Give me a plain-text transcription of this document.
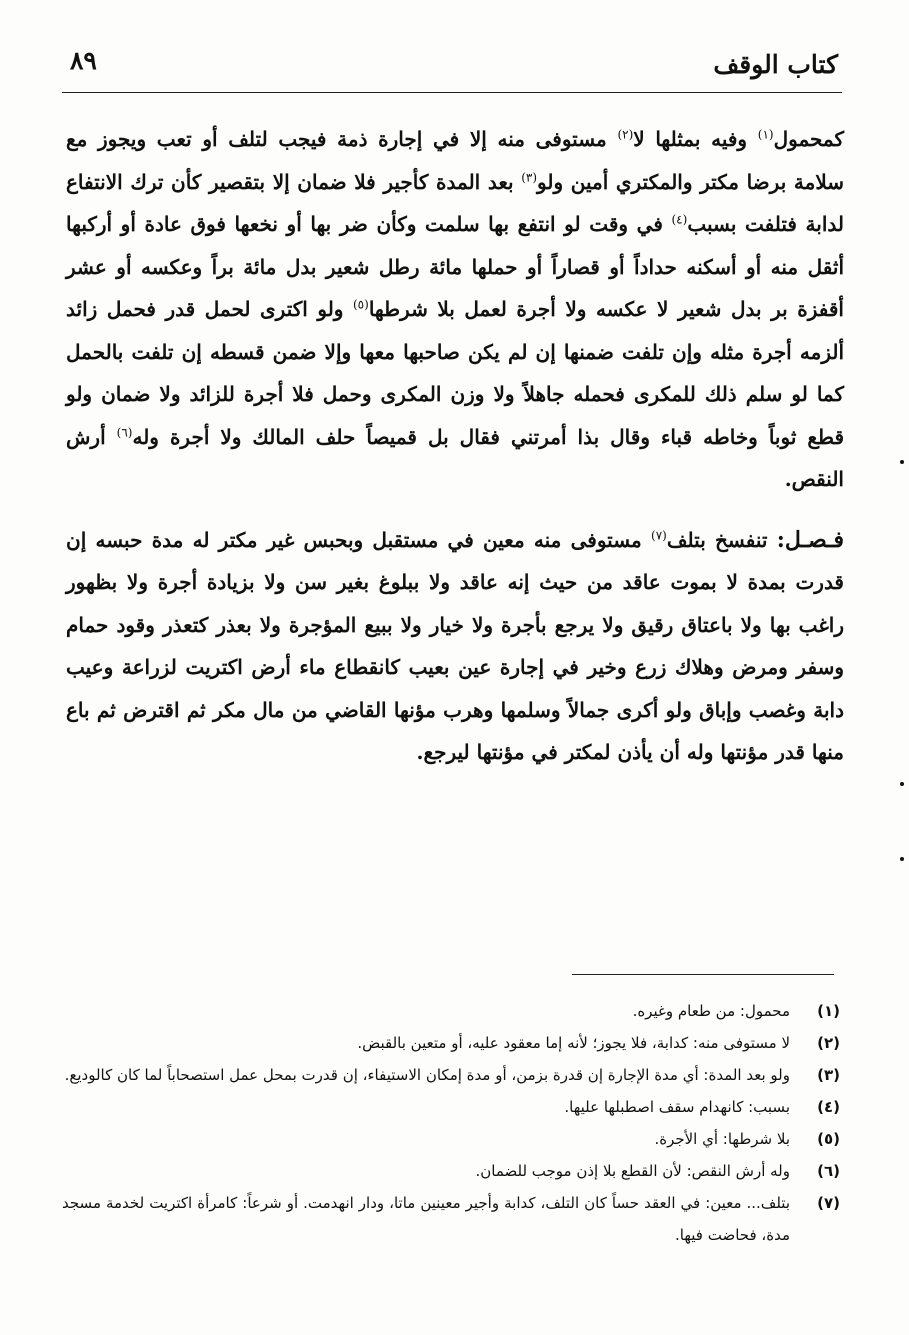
٨٩	كتاب الوقف

كمحمول$^{(١)}$ وفيه بمثلها لا$^{(٢)}$ مستوفى منه إلا في إجارة ذمة فيجب لتلف أو تعب ويجوز مع سلامة برضا مكتر والمكتري أمين ولو$^{(٣)}$ بعد المدة كأجير فلا ضمان إلا بتقصير كأن ترك الانتفاع لدابة فتلفت بسبب$^{(٤)}$ في وقت لو انتفع بها سلمت وكأن ضر بها أو نخعها فوق عادة أو أركبها أثقل منه أو أسكنه حداداً أو قصاراً أو حملها مائة رطل شعير بدل مائة براً وعكسه أو عشر أقفزة بر بدل شعير لا عكسه ولا أجرة لعمل بلا شرطها$^{(٥)}$ ولو اكترى لحمل قدر فحمل زائد ألزمه أجرة مثله وإن تلفت ضمنها إن لم يكن صاحبها معها وإلا ضمن قسطه إن تلفت بالحمل كما لو سلم ذلك للمكرى فحمله جاهلاً ولا وزن المكرى وحمل فلا أجرة للزائد ولا ضمان ولو قطع ثوباً وخاطه قباء وقال بذا أمرتني فقال بل قميصاً حلف المالك ولا أجرة وله$^{(٦)}$ أرش النقص.

فـصـل: تنفسخ بتلف$^{(٧)}$ مستوفى منه معين في مستقبل وبحبس غير مكتر له مدة حبسه إن قدرت بمدة لا بموت عاقد من حيث إنه عاقد ولا ببلوغ بغير سن ولا بزيادة أجرة ولا بظهور راغب بها ولا باعتاق رقيق ولا يرجع بأجرة ولا خيار ولا ببيع المؤجرة ولا بعذر كتعذر وقود حمام وسفر ومرض وهلاك زرع وخير في إجارة عين بعيب كانقطاع ماء أرض اكتريت لزراعة وعيب دابة وغصب وإباق ولو أكرى جمالاً وسلمها وهرب مؤنها القاضي من مال مكر ثم اقترض ثم باع منها قدر مؤنتها وله أن يأذن لمكتر في مؤنتها ليرجع.

(١)
محمول: من طعام وغيره.
(٢)
لا مستوفى منه: كدابة، فلا يجوز؛ لأنه إما معقود عليه، أو متعين بالقبض.
(٣)
ولو بعد المدة: أي مدة الإجارة إن قدرة بزمن، أو مدة إمكان الاستيفاء، إن قدرت بمحل عمل استصحاباً لما كان كالوديع.
(٤)
بسبب: كانهدام سقف اصطبلها عليها.
(٥)
بلا شرطها: أي الأجرة.
(٦)
وله أرش النقص: لأن القطع بلا إذن موجب للضمان.
(٧)
بتلف... معين: في العقد حساً كان التلف، كدابة وأجير معينين ماتا، ودار انهدمت. أو شرعاً: كامرأة اكتريت لخدمة مسجد مدة، فحاضت فيها.
